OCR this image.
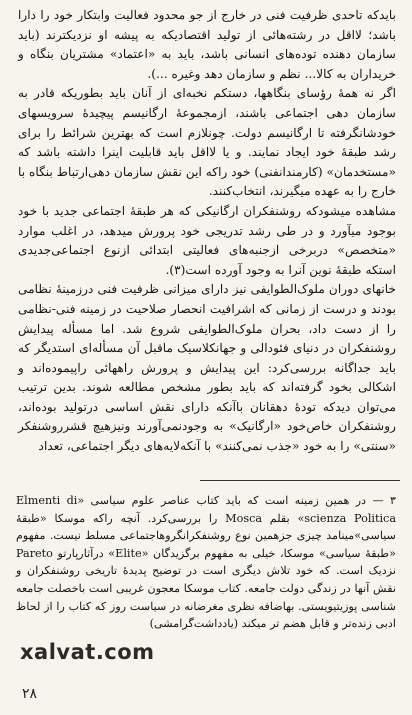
بایدکه تاحدی ظرفیت فنی در خارج از جو محدود فعالیت وابتکار خود را دارا باشد؛ لااقل در رشته‌هائی از تولید اقتصادیکه به پیشه او نزدیکترند (باید سازمان دهنده توده‌های انسانی باشد، باید به «اعتماد» مشتریان بنگاه و خریداران به کالا... نظم و سازمان دهد وغیره ...).

اگر نه همهٔ رؤسای بنگاهها، دستکم نخبه‌ای از آنان باید بطوریکه قادر به سازمان دهی اجتماعی باشند، ازمجموعهٔ ارگانیسم پیچیدهٔ سرویسهای خودشانگرفته تا ارگانیسم دولت. چونلازم است که بهترین شرائط را برای رشد طبقهٔ خود ایجاد نمایند. و یا لااقل باید قابلیت اینرا داشته باشد که «مستخدمان» (کارمندانفنی) خود راکه این نقش سازمان دهی‌ارتباط بنگاه با خارج را به عهده میگیرند، انتخاب‌کنند.

مشاهده میشودکه روشنفکران ارگانیکی که هر طبقهٔ اجتماعی جدید با خود بوجود میآورد و در طی رشد تدریجی خود پرورش میدهد، در اغلب موارد «متخصص» دربرخی ازجنبه‌های فعالیتی ابتدائی ازنوع اجتماعی‌جدیدی استکه طبقهٔ نوین آنرا به وجود آورده است(۳).

خانهای دوران ملوک‌الطوایفی نیز دارای میزانی ظرفیت فنی درزمینهٔ نظامی بودند و درست از زمانی که اشرافیت انحصار صلاحیت در زمینه فنی-نظامی را از دست داد، بحران ملوک‌الطوایفی شروع شد. اما مسأله پیدایش روشنفکران در دنیای فئودالی و جهانکلاسیک ماقبل آن مسأله‌ای استدیگر که باید جداگانه بررسی‌کرد: این پیدایش و پرورش راههائی راپیموده‌اند و اشکالی بخود گرفته‌اند که باید بطور مشخص مطالعه شوند. بدین ترتیب می‌توان دیدکه تودهٔ دهقانان باآنکه دارای نقش اساسی درتولید بوده‌اند، روشنفکران خاص‌خود «ارگانیک» به وجودنمی‌آورند ونیزهیچ قشرروشنفکر «سنتی» را به خود «جذب نمی‌کنند» با آنکه‌لایه‌های دیگر اجتماعی، تعداد

۳ — در همین زمینه است که باید کتاب عناصر علوم سیاسی «Elmenti di scienza Politica» بقلم Mosca را بررسی‌کرد. آنچه راکه موسکا «طبقهٔ سیاسی»مینامد چیزی جزهمین نوع روشنفکرانگروهاجتماعی مسلط نیست. مفهوم «طبقهٔ سیاسی» موسکا، خیلی به مفهوم برگزیدگان «Elite» درآثارپارتو Pareto نزدیک است. که خود تلاش دیگری است در توضیح پدیدهٔ تاریخی روشنفکران و نقش آنها در زندگی دولت جامعه. کتاب موسکا معجون غریبی است باخصلت جامعه شناسی پوزیتیویستی. بهاضافه نظری مغرضانه در سیاست روز که کتاب را از لحاظ ادبی زنده‌تر و قابل هضم تر میکند (یادداشت‌گرامشی)
xalvat.com
۲۸
